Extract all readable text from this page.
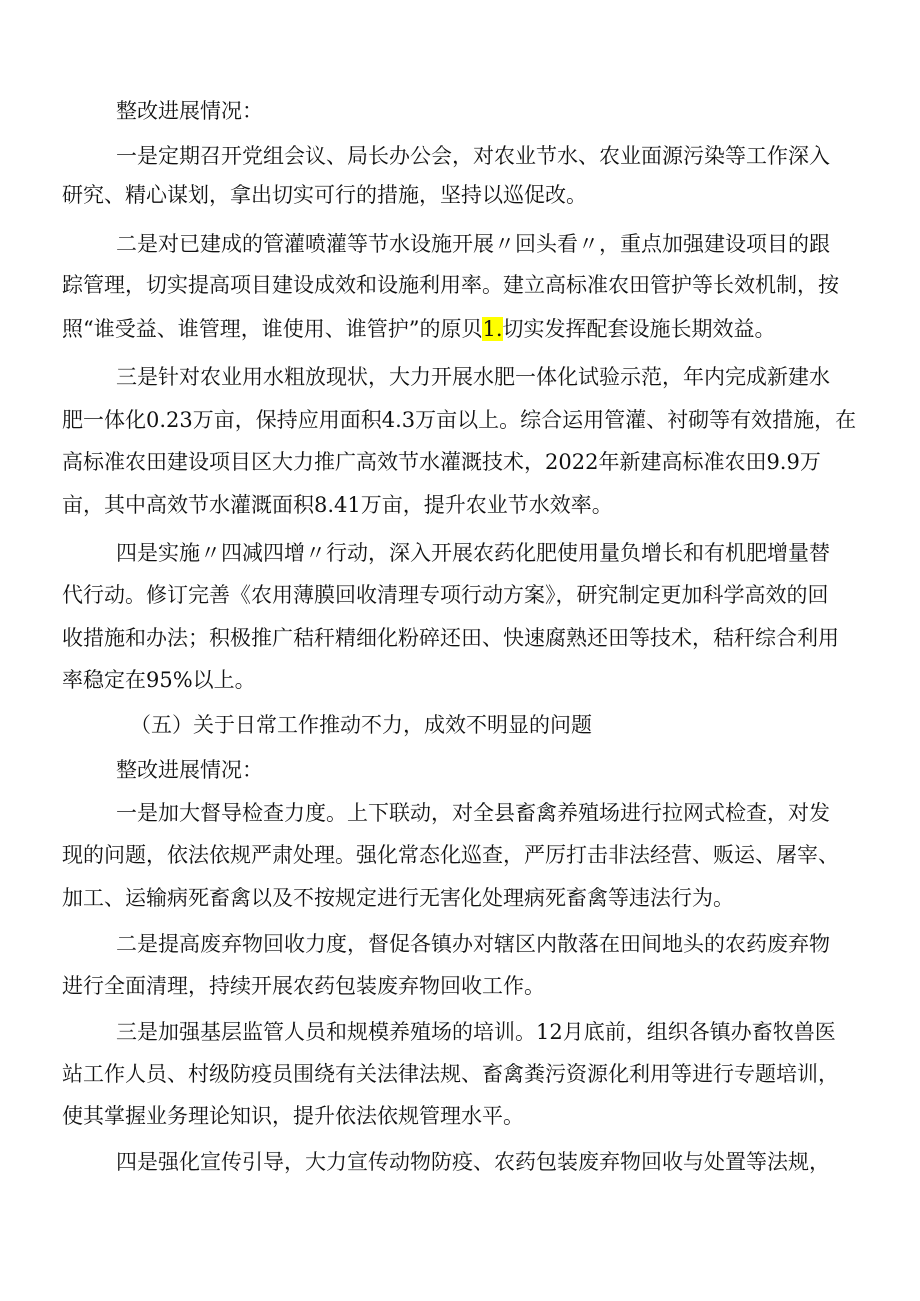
整改进展情况：
一是定期召开党组会议、局长办公会，对农业节水、农业面源污染等工作深入
研究、精心谋划，拿出切实可行的措施，坚持以巡促改。
二是对已建成的管灌喷灌等节水设施开展〃回头看〃，重点加强建设项目的跟
踪管理，切实提高项目建设成效和设施利用率。建立高标准农田管护等长效机制，按
照“谁受益、谁管理，谁使用、谁管护”的原贝1.切实发挥配套设施长期效益。
三是针对农业用水粗放现状，大力开展水肥一体化试验示范，年内完成新建水
肥一体化0.23万亩，保持应用面积4.3万亩以上。综合运用管灌、衬砌等有效措施，在
高标准农田建设项目区大力推广高效节水灌溉技术，2022年新建高标准农田9.9万
亩，其中高效节水灌溉面积8.41万亩，提升农业节水效率。
四是实施〃四减四增〃行动，深入开展农药化肥使用量负增长和有机肥增量替
代行动。修订完善《农用薄膜回收清理专项行动方案》，研究制定更加科学高效的回
收措施和办法；积极推广秸秆精细化粉碎还田、快速腐熟还田等技术，秸秆综合利用
率稳定在95%以上。
（五）关于日常工作推动不力，成效不明显的问题
整改进展情况：
一是加大督导检查力度。上下联动，对全县畜禽养殖场进行拉网式检查，对发
现的问题，依法依规严肃处理。强化常态化巡查，严厉打击非法经营、贩运、屠宰、
加工、运输病死畜禽以及不按规定进行无害化处理病死畜禽等违法行为。
二是提高废弃物回收力度，督促各镇办对辖区内散落在田间地头的农药废弃物
进行全面清理，持续开展农药包装废弃物回收工作。
三是加强基层监管人员和规模养殖场的培训。12月底前，组织各镇办畜牧兽医
站工作人员、村级防疫员围绕有关法律法规、畜禽粪污资源化利用等进行专题培训，
使其掌握业务理论知识，提升依法依规管理水平。
四是强化宣传引导，大力宣传动物防疫、农药包装废弃物回收与处置等法规，
